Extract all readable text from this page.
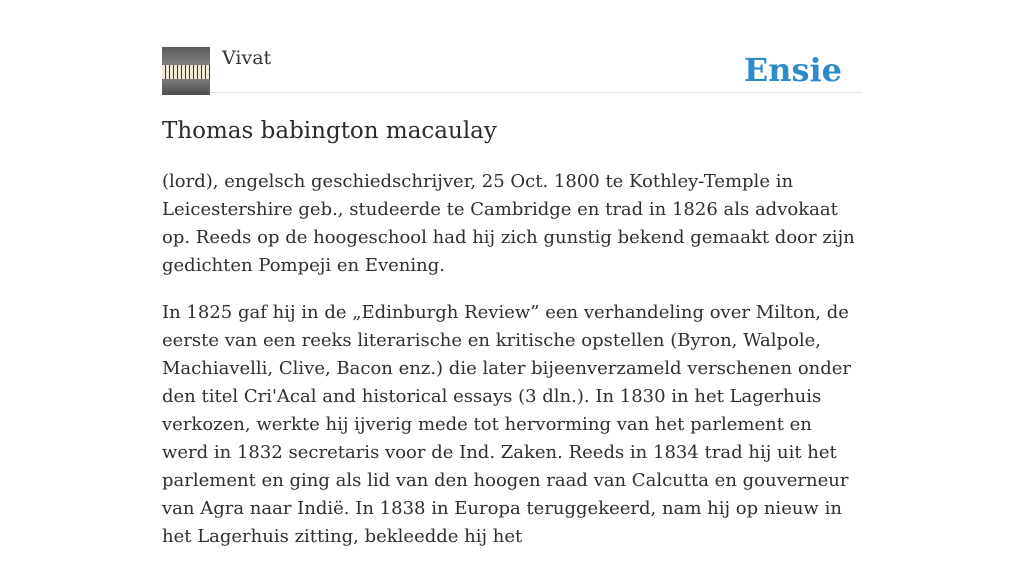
Vivat	Ensie
Thomas babington macaulay

(lord), engelsch geschiedschrijver, 25 Oct. 1800 te Kothley-Temple in Leicestershire geb., studeerde te Cambridge en trad in 1826 als advokaat op. Reeds op de hoogeschool had hij zich gunstig bekend gemaakt door zijn gedichten Pompeji en Evening.

In 1825 gaf hij in de „Edinburgh Review” een verhandeling over Milton, de eerste van een reeks literarische en kritische opstellen (Byron, Walpole, Machiavelli, Clive, Bacon enz.) die later bijeenverzameld verschenen onder den titel Cri'Acal and historical essays (3 dln.). In 1830 in het Lagerhuis verkozen, werkte hij ijverig mede tot hervorming van het parlement en werd in 1832 secretaris voor de Ind. Zaken. Reeds in 1834 trad hij uit het parlement en ging als lid van den hoogen raad van Calcutta en gouverneur van Agra naar Indië. In 1838 in Europa teruggekeerd, nam hij op nieuw in het Lagerhuis zitting, bekleedde hij het
